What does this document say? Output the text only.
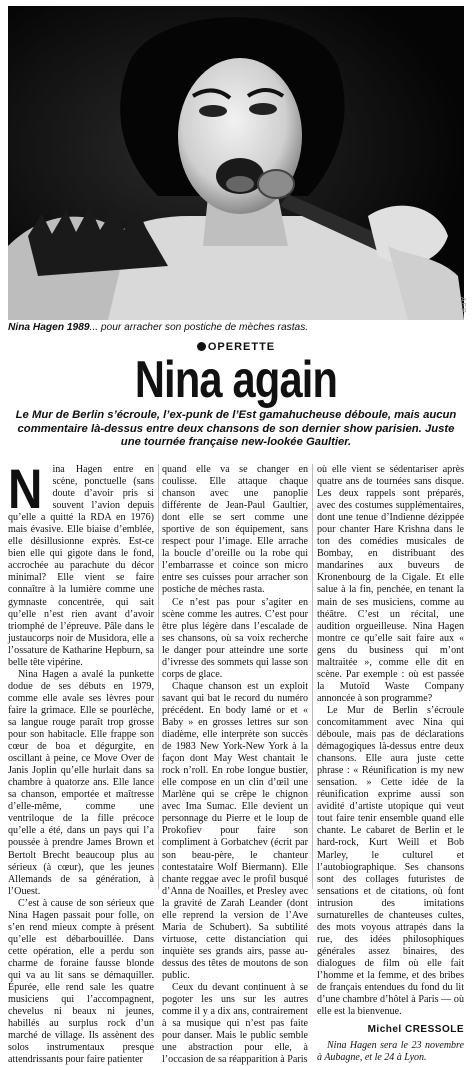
AFP
Nina Hagen 1989... pour arracher son postiche de mèches rastas.
OPERETTE
Nina again
Le Mur de Berlin s’écroule, l’ex-punk de l’Est gamahucheuse déboule, mais aucun commentaire là-dessus entre deux chansons de son dernier show parisien. Juste une tournée française new-lookée Gaultier.

Nina Hagen entre en scène, ponctuelle (sans doute d’avoir pris si souvent l’avion depuis qu’elle a quitté la RDA en 1976) mais évasive. Elle biaise d’emblée, elle désillusionne exprès. Est-ce bien elle qui gigote dans le fond, accrochée au parachute du décor minimal? Elle vient se faire connaître à la lumière comme une gymnaste concentrée, qui sait qu’elle n’est rien avant d’avoir triomphé de l’épreuve. Pâle dans le justaucorps noir de Musidora, elle a l’ossature de Katharine Hepburn, sa belle tête vipérine.

Nina Hagen a avalé la punkette dodue de ses débuts en 1979, comme elle avale ses lèvres pour faire la grimace. Elle se pourlèche, sa langue rouge paraît trop grosse pour son habitacle. Elle frappe son cœur de boa et dégurgite, en oscillant à peine, ce Move Over de Janis Joplin qu’elle hurlait dans sa chambre à quatorze ans. Elle lance sa chanson, emportée et maîtresse d’elle-même, comme une ventriloque de la fille précoce qu’elle a été, dans un pays qui l’a poussée à prendre James Brown et Bertolt Brecht beaucoup plus au sérieux (à cœur), que les jeunes Allemands de sa génération, à l’Ouest.

C’est à cause de son sérieux que Nina Hagen passait pour folle, on s’en rend mieux compte à présent qu’elle est débarbouillée. Dans cette opération, elle a perdu son charme de foraine fausse blonde qui va au lit sans se démaquiller. Épurée, elle rend sale les quatre musiciens qui l’accompagnent, chevelus ni beaux ni jeunes, habillés au surplus rock d’un marché de village. Ils assènent des solos instrumentaux presque attendrissants pour faire patienter

quand elle va se changer en coulisse. Elle attaque chaque chanson avec une panoplie différente de Jean-Paul Gaultier, dont elle se sert comme une sportive de son équipement, sans respect pour l’image. Elle arrache la boucle d’oreille ou la robe qui l’embarrasse et coince son micro entre ses cuisses pour arracher son postiche de mèches rasta.

Ce n’est pas pour s’agiter en scène comme les autres. C’est pour être plus légère dans l’escalade de ses chansons, où sa voix recherche le danger pour atteindre une sorte d’ivresse des sommets qui lasse son corps de glace.

Chaque chanson est un exploit savant qui bat le record du numéro précédent. En body lamé or et « Baby » en grosses lettres sur son diadème, elle interprète son succès de 1983 New York-New York à la façon dont May West chantait le rock n’roll. En robe longue bustier, elle compose en un clin d’œil une Marlène qui se crêpe le chignon avec Ima Sumac. Elle devient un personnage du Pierre et le loup de Prokofiev pour faire son compliment à Gorbatchev (écrit par son beau-père, le chanteur contestataire Wolf Biermann). Elle chante reggae avec le profil busqué d’Anna de Noailles, et Presley avec la gravité de Zarah Leander (dont elle reprend la version de l’Ave Maria de Schubert). Sa subtilité virtuose, cette distanciation qui inquiète ses grands airs, passe au-dessus des têtes de moutons de son public.

Ceux du devant continuent à se pogoter les uns sur les autres comme il y a dix ans, contrairement à sa musique qui n’est pas faite pour danser. Mais le public semble une abstraction pour elle, à l’occasion de sa réapparition à Paris

où elle vient se sédentariser après quatre ans de tournées sans disque. Les deux rappels sont préparés, avec des costumes supplémentaires, dont une tenue d’Indienne dézippée pour chanter Hare Krishna dans le ton des comédies musicales de Bombay, en distribuant des mandarines aux buveurs de Kronenbourg de la Cigale. Et elle salue à la fin, penchée, en tenant la main de ses musiciens, comme au théâtre. C’est un récital, une audition orgueilleuse. Nina Hagen montre ce qu’elle sait faire aux « gens du business qui m’ont maltraitée », comme elle dit en scène. Par exemple : où est passée la Mutoïd Waste Company annoncée à son programme?

Le Mur de Berlin s’écroule concomitamment avec Nina qui déboule, mais pas de déclarations démagogiques là-dessus entre deux chansons. Elle aura juste cette phrase : « Réunification is my new sensation. » Cette idée de la réunification exprime aussi son avidité d’artiste utopique qui veut tout faire tenir ensemble quand elle chante. Le cabaret de Berlin et le hard-rock, Kurt Weill et Bob Marley, le culturel et l’autobiographique. Ses chansons sont des collages futuristes de sensations et de citations, où font intrusion des imitations surnaturelles de chanteuses cultes, des mots voyous attrapés dans la rue, des idées philosophiques générales assez binaires, des dialogues de film où elle fait l’homme et la femme, et des bribes de français entendues du fond du lit d’une chambre d’hôtel à Paris — où elle est la bienvenue.

Michel CRESSOLE
Nina Hagen sera le 23 novembre à Aubagne, et le 24 à Lyon.
